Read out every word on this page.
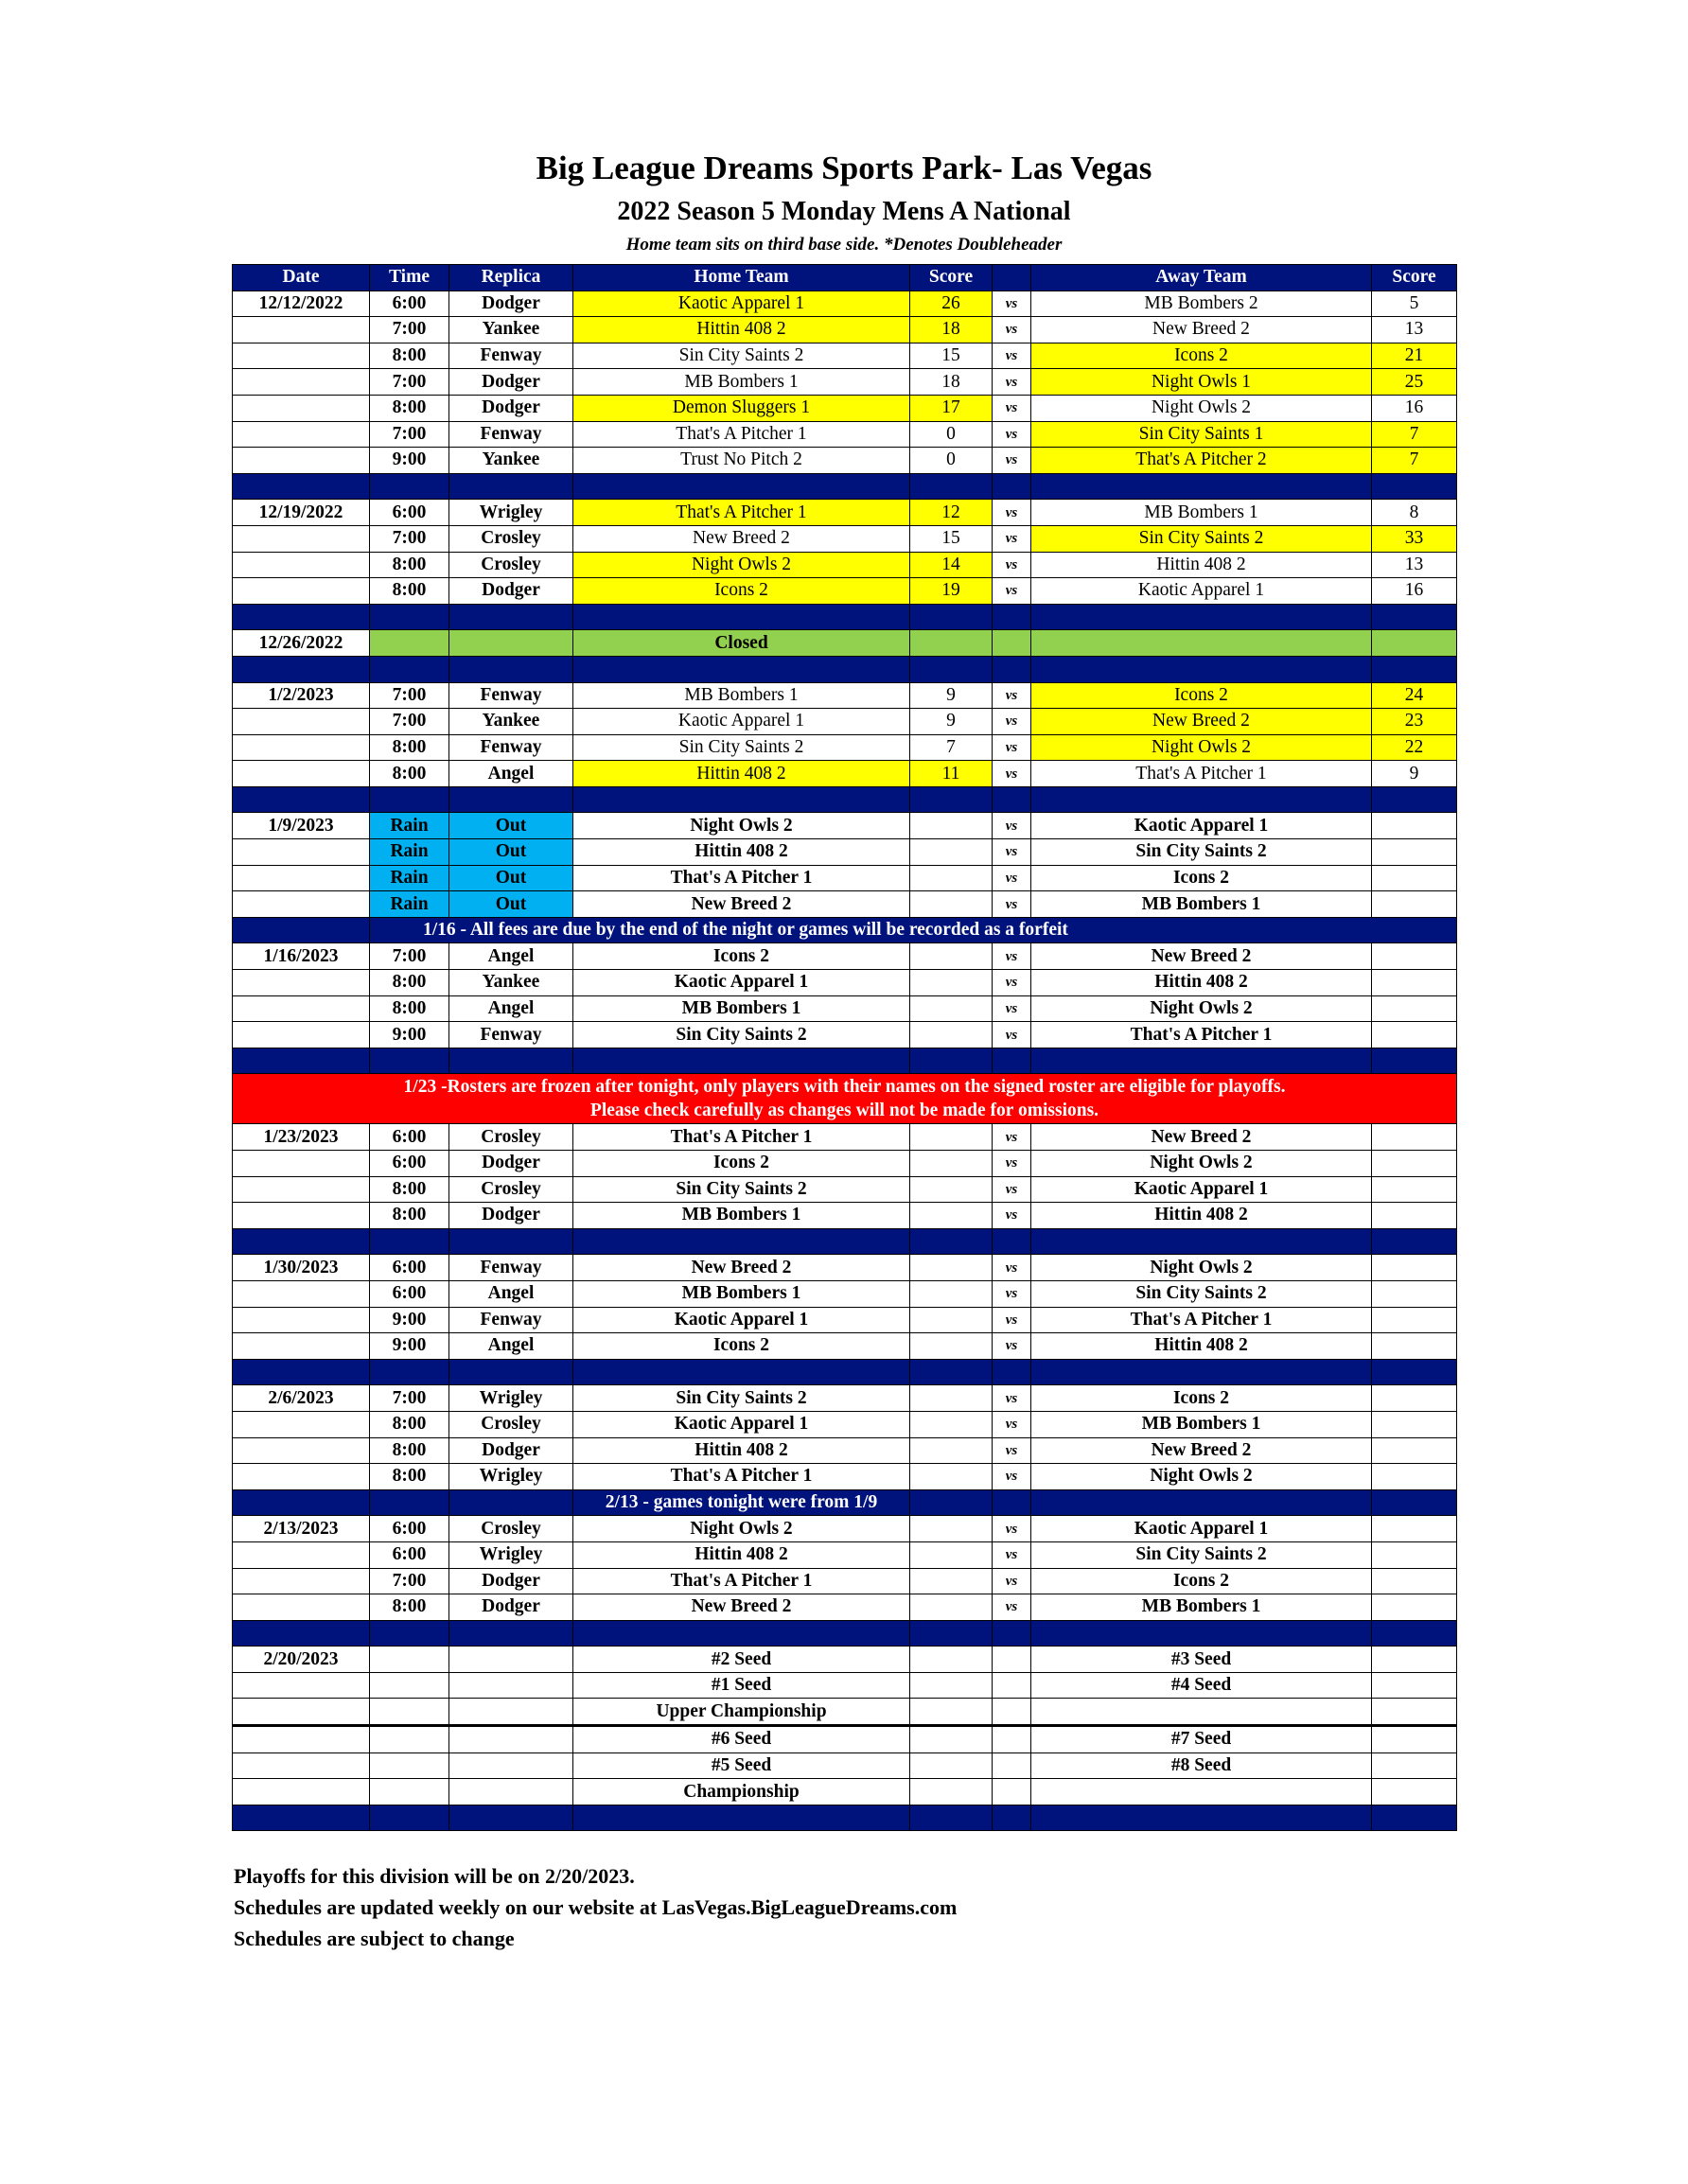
Big League Dreams Sports Park- Las Vegas
2022 Season 5 Monday Mens A National
Home team sits on third base side. *Denotes Doubleheader
Date	Time	Replica	Home Team	Score		Away Team	Score
12/12/2022	6:00	Dodger	Kaotic Apparel 1	26	vs	MB Bombers 2	5
	7:00	Yankee	Hittin 408 2	18	vs	New Breed 2	13
	8:00	Fenway	Sin City Saints 2	15	vs	Icons 2	21
	7:00	Dodger	MB Bombers 1	18	vs	Night Owls 1	25
	8:00	Dodger	Demon Sluggers 1	17	vs	Night Owls 2	16
	7:00	Fenway	That's A Pitcher 1	0	vs	Sin City Saints 1	7
	9:00	Yankee	Trust No Pitch 2	0	vs	That's A Pitcher 2	7

12/19/2022	6:00	Wrigley	That's A Pitcher 1	12	vs	MB Bombers 1	8
	7:00	Crosley	New Breed 2	15	vs	Sin City Saints 2	33
	8:00	Crosley	Night Owls 2	14	vs	Hittin 408 2	13
	8:00	Dodger	Icons 2	19	vs	Kaotic Apparel 1	16

12/26/2022			Closed				

1/2/2023	7:00	Fenway	MB Bombers 1	9	vs	Icons 2	24
	7:00	Yankee	Kaotic Apparel 1	9	vs	New Breed 2	23
	8:00	Fenway	Sin City Saints 2	7	vs	Night Owls 2	22
	8:00	Angel	Hittin 408 2	11	vs	That's A Pitcher 1	9

1/9/2023	Rain	Out	Night Owls 2		vs	Kaotic Apparel 1	
	Rain	Out	Hittin 408 2		vs	Sin City Saints 2	
	Rain	Out	That's A Pitcher 1		vs	Icons 2	
	Rain	Out	New Breed 2		vs	MB Bombers 1	
	1/16 - All fees are due by the end of the night or games will be recorded as a forfeit						
1/16/2023	7:00	Angel	Icons 2		vs	New Breed 2	
	8:00	Yankee	Kaotic Apparel 1		vs	Hittin 408 2	
	8:00	Angel	MB Bombers 1		vs	Night Owls 2	
	9:00	Fenway	Sin City Saints 2		vs	That's A Pitcher 1	

1/23 -Rosters are frozen after tonight, only players with their names on the signed roster are eligible for playoffs.
Please check carefully as changes will not be made for omissions.							

1/23/2023	6:00	Crosley	That's A Pitcher 1		vs	New Breed 2	
	6:00	Dodger	Icons 2		vs	Night Owls 2	
	8:00	Crosley	Sin City Saints 2		vs	Kaotic Apparel 1	
	8:00	Dodger	MB Bombers 1		vs	Hittin 408 2	

1/30/2023	6:00	Fenway	New Breed 2		vs	Night Owls 2	
	6:00	Angel	MB Bombers 1		vs	Sin City Saints 2	
	9:00	Fenway	Kaotic Apparel 1		vs	That's A Pitcher 1	
	9:00	Angel	Icons 2		vs	Hittin 408 2	

2/6/2023	7:00	Wrigley	Sin City Saints 2		vs	Icons 2	
	8:00	Crosley	Kaotic Apparel 1		vs	MB Bombers 1	
	8:00	Dodger	Hittin 408 2		vs	New Breed 2	
	8:00	Wrigley	That's A Pitcher 1		vs	Night Owls 2	
			2/13 - games tonight were from 1/9				
2/13/2023	6:00	Crosley	Night Owls 2		vs	Kaotic Apparel 1	
	6:00	Wrigley	Hittin 408 2		vs	Sin City Saints 2	
	7:00	Dodger	That's A Pitcher 1		vs	Icons 2	
	8:00	Dodger	New Breed 2		vs	MB Bombers 1	

2/20/2023			#2 Seed			#3 Seed	
			#1 Seed			#4 Seed	
			Upper Championship				
			#6 Seed			#7 Seed	
			#5 Seed			#8 Seed	
			Championship				

Playoffs for this division will be on 2/20/2023.
Schedules are updated weekly on our website at LasVegas.BigLeagueDreams.com
Schedules are subject to change
